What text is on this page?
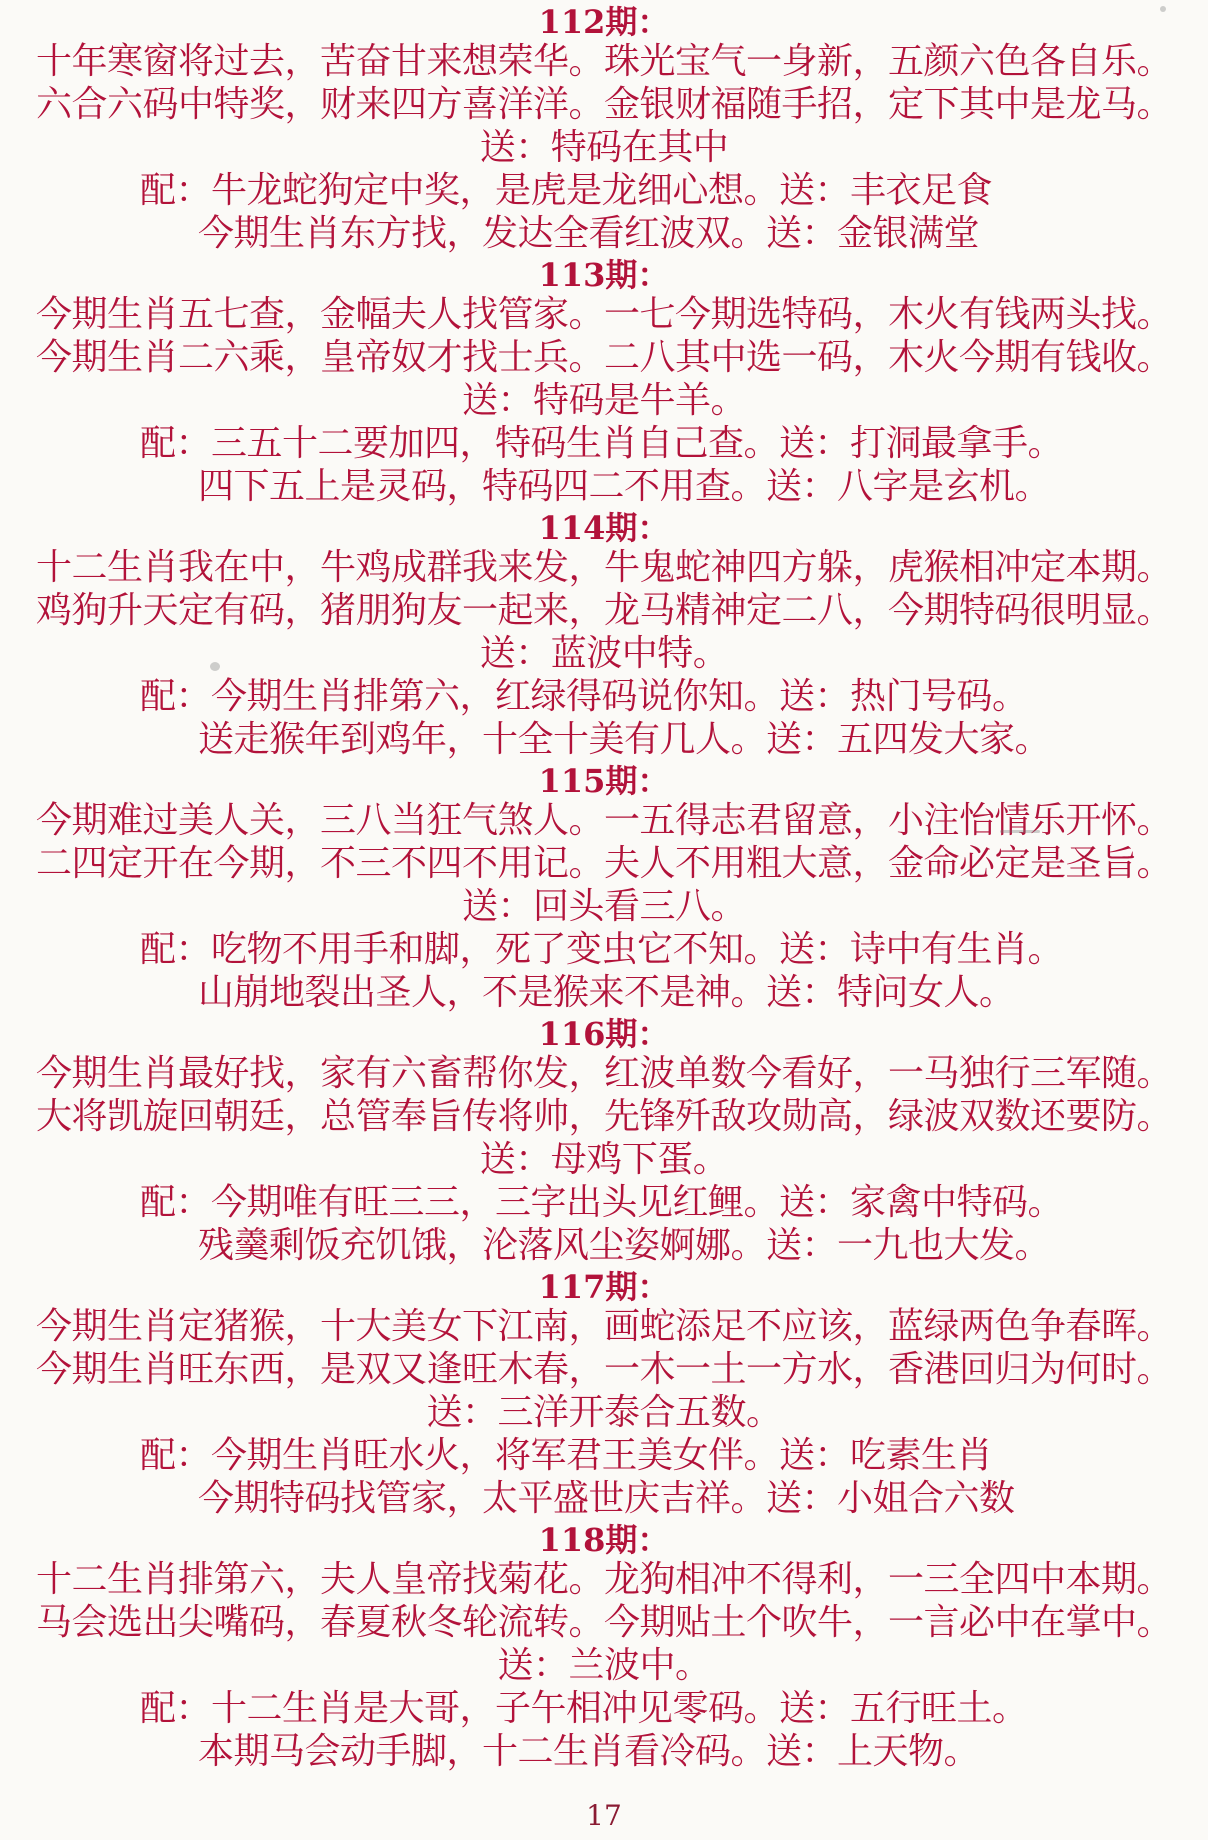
112期：
十年寒窗将过去，苦奋甘来想荣华。珠光宝气一身新，五颜六色各自乐。
六合六码中特奖，财来四方喜洋洋。金银财福随手招，定下其中是龙马。
送：特码在其中
配：牛龙蛇狗定中奖，是虎是龙细心想。送：丰衣足食
今期生肖东方找，发达全看红波双。送：金银满堂
113期：
今期生肖五七查，金幅夫人找管家。一七今期选特码，木火有钱两头找。
今期生肖二六乘，皇帝奴才找士兵。二八其中选一码，木火今期有钱收。
送：特码是牛羊。
配：三五十二要加四，特码生肖自己查。送：打洞最拿手。
四下五上是灵码，特码四二不用查。送：八字是玄机。
114期：
十二生肖我在中，牛鸡成群我来发，牛鬼蛇神四方躲，虎猴相冲定本期。
鸡狗升天定有码，猪朋狗友一起来，龙马精神定二八，今期特码很明显。
送：蓝波中特。
配：今期生肖排第六，红绿得码说你知。送：热门号码。
送走猴年到鸡年，十全十美有几人。送：五四发大家。
115期：
今期难过美人关，三八当狂气煞人。一五得志君留意，小注怡情乐开怀。
二四定开在今期，不三不四不用记。夫人不用粗大意，金命必定是圣旨。
送：回头看三八。
配：吃物不用手和脚，死了变虫它不知。送：诗中有生肖。
山崩地裂出圣人，不是猴来不是神。送：特问女人。
116期：
今期生肖最好找，家有六畜帮你发，红波单数今看好，一马独行三军随。
大将凯旋回朝廷，总管奉旨传将帅，先锋歼敌攻勋高，绿波双数还要防。
送：母鸡下蛋。
配：今期唯有旺三三，三字出头见红鲤。送：家禽中特码。
残羹剩饭充饥饿，沦落风尘姿婀娜。送：一九也大发。
117期：
今期生肖定猪猴，十大美女下江南，画蛇添足不应该，蓝绿两色争春晖。
今期生肖旺东西，是双又逢旺木春，一木一土一方水，香港回归为何时。
送：三洋开泰合五数。
配：今期生肖旺水火，将军君王美女伴。送：吃素生肖
今期特码找管家，太平盛世庆吉祥。送：小姐合六数
118期：
十二生肖排第六，夫人皇帝找菊花。龙狗相冲不得利，一三全四中本期。
马会选出尖嘴码，春夏秋冬轮流转。今期贴土个吹牛，一言必中在掌中。
送：兰波中。
配：十二生肖是大哥，子午相冲见零码。送：五行旺土。
本期马会动手脚，十二生肖看冷码。送：上天物。
17
